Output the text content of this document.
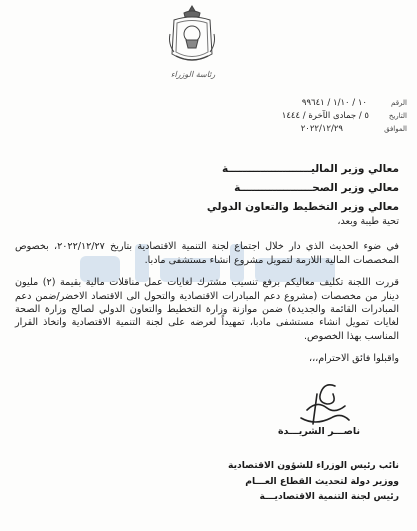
رئاسة الوزراء
الرقم
١٠ / ١/١٠ / ٩٩٦٤١
التاريخ
٥ / جمادى الآخرة / ١٤٤٤
الموافق
٢٠٢٢/١٢/٢٩
معالي وزير الماليـــــــــــــــــــــــة
معالي وزير الصحــــــــــــــــــــة
معالي وزير التخطيط والتعاون الدولي

تحية طيبة وبعد،

في ضوء الحديث الذي دار خلال اجتماع لجنة التنمية الاقتصادية بتاريخ ٢٠٢٢/١٢/٢٧، بخصوص المخصصات المالية اللازمة لتمويل مشروع انشاء مستشفى مادبا.

قررت اللجنة تكليف معاليكم برفع تنسيب مشترك لغايات عمل مناقلات مالية بقيمة (٢) مليون دينار من مخصصات (مشروع دعم المبادرات الاقتصادية والتحول الى الاقتصاد الاخضر/ضمن دعم المبادرات القائمة والجديدة) ضمن موازنة وزارة التخطيط والتعاون الدولي لصالح وزارة الصحة لغايات تمويل انشاء مستشفى مادبا، تمهيداً لعرضه على لجنة التنمية الاقتصادية واتخاذ القرار المناسب بهذا الخصوص.

واقبلوا فائق الاحترام،،،

ناصـــر الشريـــدة
نائب رئيس الوزراء للشؤون الاقتصادية
ووزير دولة لتحديث القطاع العـــام
رئيس لجنة التنمية الاقتصاديـــة
